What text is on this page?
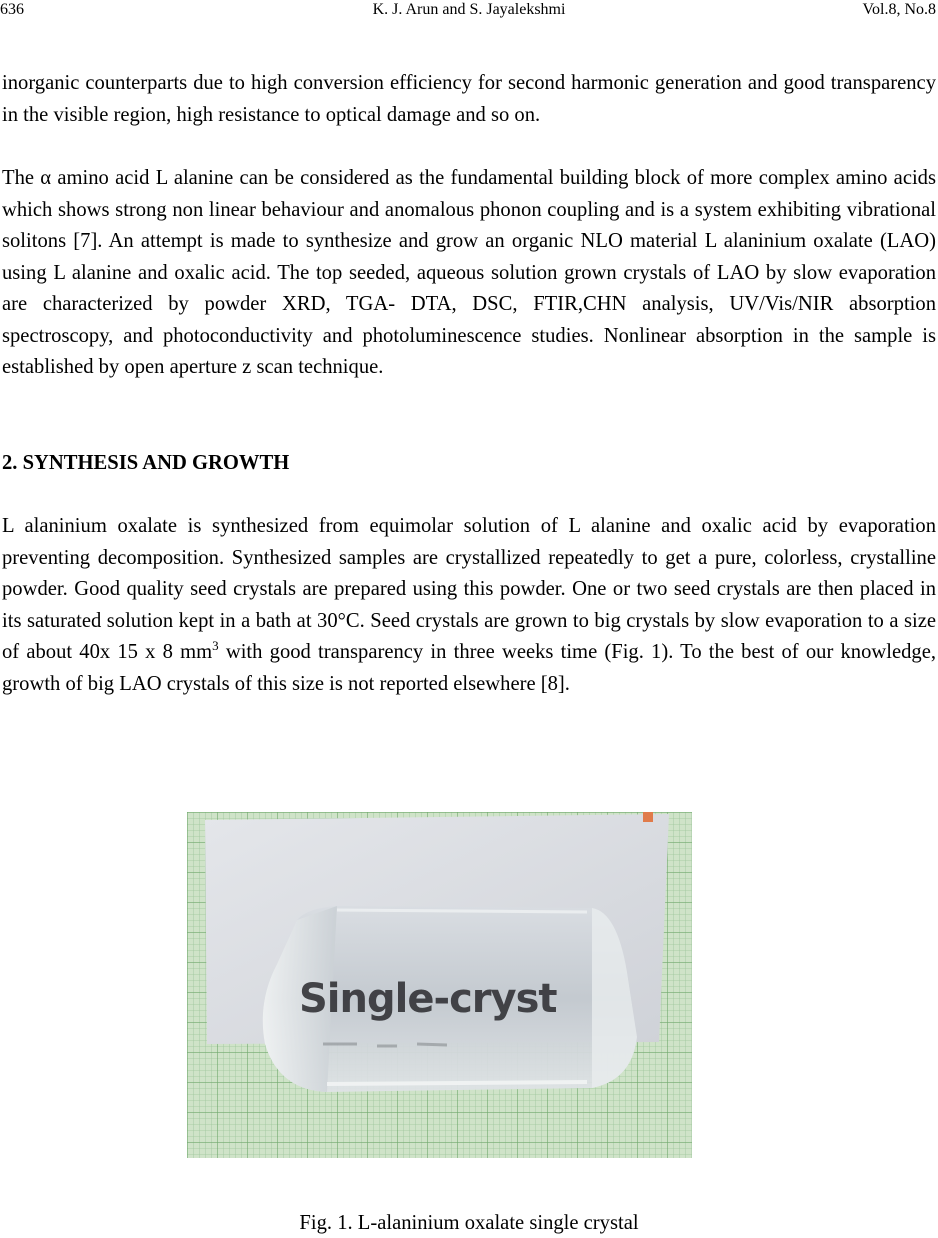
636	K. J. Arun and S. Jayalekshmi	Vol.8, No.8

inorganic counterparts due to high conversion efficiency for second harmonic generation and good transparency in the visible region, high resistance to optical damage and so on.

The α amino acid L alanine can be considered as the fundamental building block of more complex amino acids which shows strong non linear behaviour and anomalous phonon coupling and is a system exhibiting vibrational solitons [7]. An attempt is made to synthesize and grow an organic NLO material L alaninium oxalate (LAO) using L alanine and oxalic acid. The top seeded, aqueous solution grown crystals of LAO by slow evaporation are characterized by powder XRD, TGA- DTA, DSC, FTIR,CHN analysis, UV/Vis/NIR absorption spectroscopy, and photoconductivity and photoluminescence studies. Nonlinear absorption in the sample is established by open aperture z scan technique.

2. SYNTHESIS AND GROWTH

L alaninium oxalate is synthesized from equimolar solution of L alanine and oxalic acid by evaporation preventing decomposition. Synthesized samples are crystallized repeatedly to get a pure, colorless, crystalline powder. Good quality seed crystals are prepared using this powder. One or two seed crystals are then placed in its saturated solution kept in a bath at 30°C. Seed crystals are grown to big crystals by slow evaporation to a size of about 40x 15 x 8 $mm^3$ with good transparency in three weeks time (Fig. 1). To the best of our knowledge, growth of big LAO crystals of this size is not reported elsewhere [8].

Single-cryst
Fig. 1. L-alaninium oxalate single crystal
